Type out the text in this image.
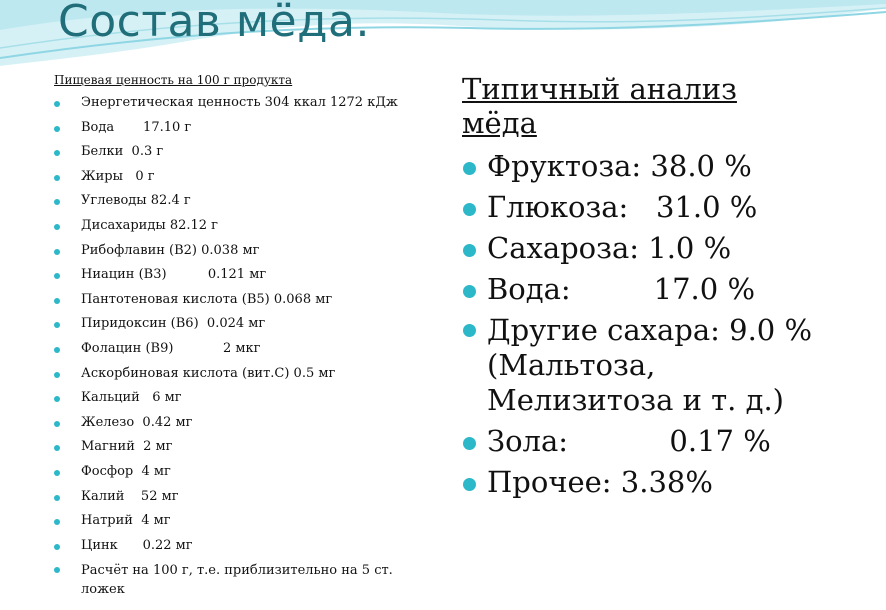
Состав мёда.
Пищевая ценность на 100 г продукта
Энергетическая ценность 304 ккал 1272 кДж
Вода       17.10 г
Белки  0.3 г
Жиры   0 г
Углеводы 82.4 г
Дисахариды 82.12 г
Рибофлавин (B2) 0.038 мг
Ниацин (B3)          0.121 мг
Пантотеновая кислота (B5) 0.068 мг
Пиридоксин (B6)  0.024 мг
Фолацин (B9)            2 мкг
Аскорбиновая кислота (вит.С) 0.5 мг
Кальций   6 мг
Железо  0.42 мг
Магний  2 мг
Фосфор  4 мг
Калий    52 мг
Натрий  4 мг
Цинк      0.22 мг
Расчёт на 100 г, т.е. приблизительно на 5 ст. ложек
Типичный анализ
мёда
Фруктоза: 38.0 %
Глюкоза:   31.0 %
Сахароза: 1.0 %
Вода:         17.0 %
Другие сахара: 9.0 %
(Мальтоза,
Мелизитоза и т. д.)
Зола:           0.17 %
Прочее: 3.38%
